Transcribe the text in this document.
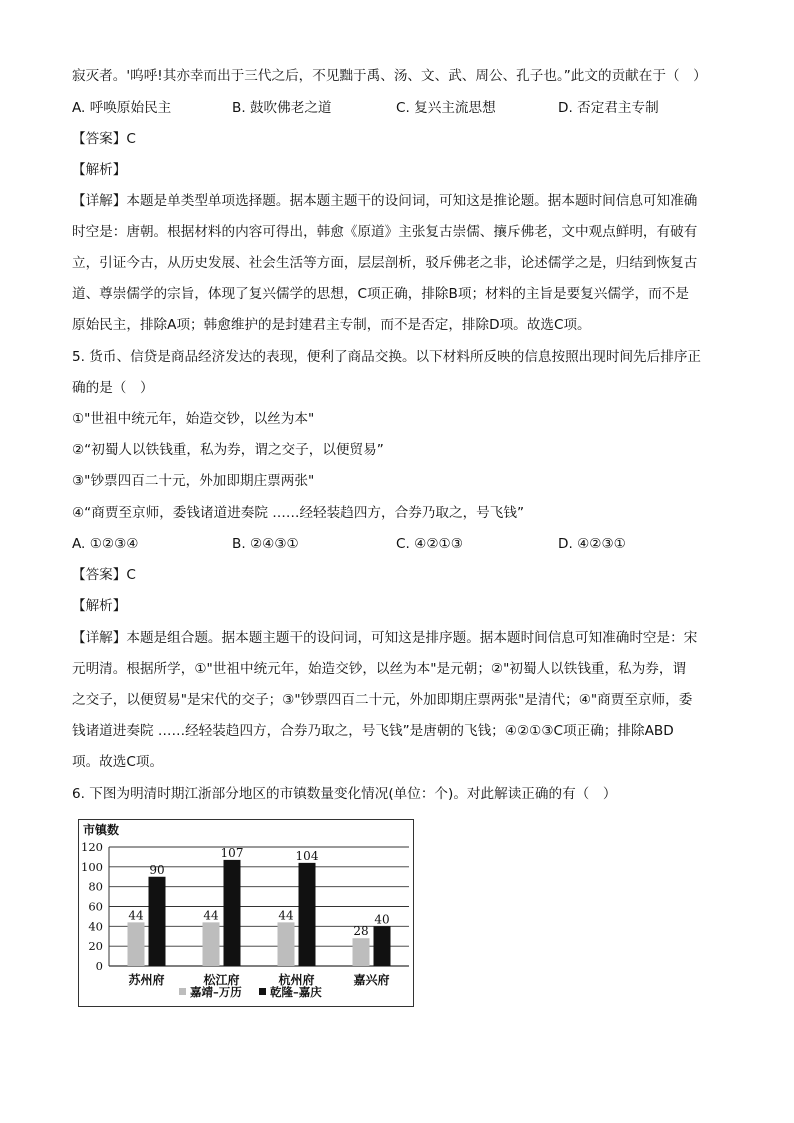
寂灭者。'呜呼!其亦幸而出于三代之后，不见黜于禹、汤、文、武、周公、孔子也。”此文的贡献在于（　）
A. 呼唤原始民主	B. 鼓吹佛老之道	C. 复兴主流思想	D. 否定君主专制
【答案】C
【解析】
【详解】本题是单类型单项选择题。据本题主题干的设问词，可知这是推论题。据本题时间信息可知准确
时空是：唐朝。根据材料的内容可得出，韩愈《原道》主张复古崇儒、攘斥佛老，文中观点鲜明，有破有
立，引证今古，从历史发展、社会生活等方面，层层剖析，驳斥佛老之非，论述儒学之是，归结到恢复古
道、尊崇儒学的宗旨，体现了复兴儒学的思想，C项正确，排除B项；材料的主旨是要复兴儒学，而不是
原始民主，排除A项；韩愈维护的是封建君主专制，而不是否定，排除D项。故选C项。
5. 货币、信贷是商品经济发达的表现，便利了商品交换。以下材料所反映的信息按照出现时间先后排序正
确的是（　）
①"世祖中统元年，始造交钞，以丝为本"
②“初蜀人以铁钱重，私为券，谓之交子，以便贸易”
③"钞票四百二十元，外加即期庄票两张"
④“商贾至京师，委钱诸道进奏院 ……经轻装趋四方，合券乃取之，号飞钱”
A. ①②③④	B. ②④③①	C. ④②①③	D. ④②③①
【答案】C
【解析】
【详解】本题是组合题。据本题主题干的设问词，可知这是排序题。据本题时间信息可知准确时空是：宋
元明清。根据所学，①"世祖中统元年，始造交钞，以丝为本"是元朝；②"初蜀人以铁钱重，私为券，谓
之交子，以便贸易"是宋代的交子；③"钞票四百二十元，外加即期庄票两张"是清代；④"商贾至京师，委
钱诸道进奏院 ……经轻装趋四方，合券乃取之，号飞钱”是唐朝的飞钱；④②①③C项正确；排除ABD
项。故选C项。
6. 下图为明清时期江浙部分地区的市镇数量变化情况(单位：个)。对此解读正确的有（　）
市镇数
0
20
40
60
80
100
120
44
90
苏州府
44
107
松江府
44
104
杭州府
28
40
嘉兴府
嘉靖–万历 乾隆–嘉庆
